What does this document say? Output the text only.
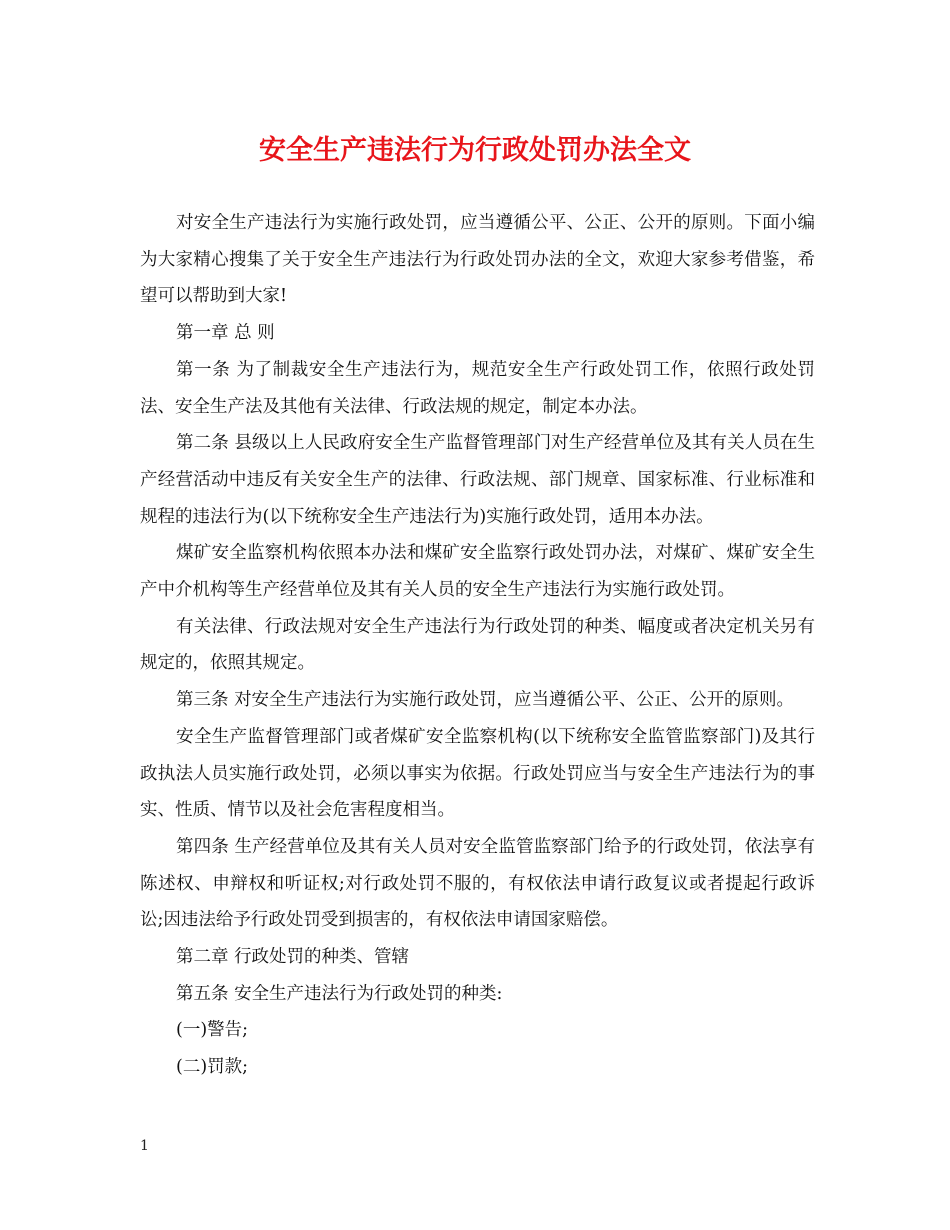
安全生产违法行为行政处罚办法全文

对安全生产违法行为实施行政处罚，应当遵循公平、公正、公开的原则。下面小编为大家精心搜集了关于安全生产违法行为行政处罚办法的全文，欢迎大家参考借鉴，希望可以帮助到大家!

第一章 总 则

第一条 为了制裁安全生产违法行为，规范安全生产行政处罚工作，依照行政处罚法、安全生产法及其他有关法律、行政法规的规定，制定本办法。

第二条 县级以上人民政府安全生产监督管理部门对生产经营单位及其有关人员在生产经营活动中违反有关安全生产的法律、行政法规、部门规章、国家标准、行业标准和规程的违法行为(以下统称安全生产违法行为)实施行政处罚，适用本办法。

煤矿安全监察机构依照本办法和煤矿安全监察行政处罚办法，对煤矿、煤矿安全生产中介机构等生产经营单位及其有关人员的安全生产违法行为实施行政处罚。

有关法律、行政法规对安全生产违法行为行政处罚的种类、幅度或者决定机关另有规定的，依照其规定。

第三条 对安全生产违法行为实施行政处罚，应当遵循公平、公正、公开的原则。

安全生产监督管理部门或者煤矿安全监察机构(以下统称安全监管监察部门)及其行政执法人员实施行政处罚，必须以事实为依据。行政处罚应当与安全生产违法行为的事实、性质、情节以及社会危害程度相当。

第四条 生产经营单位及其有关人员对安全监管监察部门给予的行政处罚，依法享有陈述权、申辩权和听证权;对行政处罚不服的，有权依法申请行政复议或者提起行政诉讼;因违法给予行政处罚受到损害的，有权依法申请国家赔偿。

第二章 行政处罚的种类、管辖

第五条 安全生产违法行为行政处罚的种类:

(一)警告;

(二)罚款;

1
